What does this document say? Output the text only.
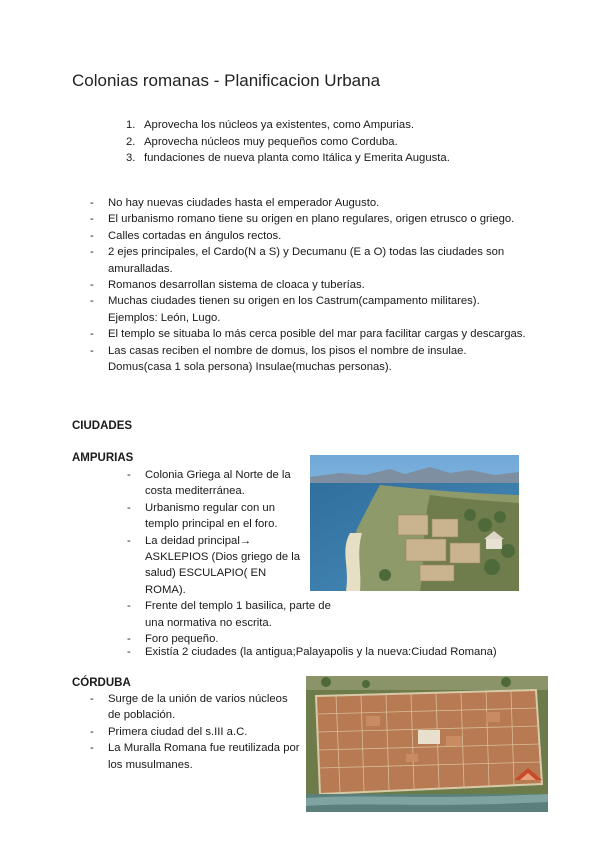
Colonias romanas - Planificacion Urbana
1. Aprovecha los núcleos ya existentes, como Ampurias.
2. Aprovecha núcleos muy pequeños como Corduba.
3. fundaciones de nueva planta como Itálica y Emerita Augusta.
- No hay nuevas ciudades hasta el emperador Augusto.
- El urbanismo romano tiene su origen en plano regulares, origen etrusco o griego.
- Calles cortadas en ángulos rectos.
- 2 ejes principales, el Cardo(N a S) y Decumanu (E a O) todas las ciudades son amuralladas.
- Romanos desarrollan sistema de cloaca y tuberías.
- Muchas ciudades tienen su origen en los Castrum(campamento militares). Ejemplos: León, Lugo.
- El templo se situaba lo más cerca posible del mar para facilitar cargas y descargas.
- Las casas reciben el nombre de domus, los pisos el nombre de insulae. Domus(casa 1 sola persona) Insulae(muchas personas).
CIUDADES
AMPURIAS
- Colonia Griega al Norte de la costa mediterránea.
- Urbanismo regular con un templo principal en el foro.
- La deidad principal→ ASKLEPIOS (Dios griego de la salud) ESCULAPIO( EN ROMA).
- Frente del templo 1 basilica, parte de una normativa no escrita.
- Foro pequeño.
- Existía 2 ciudades (la antigua;Palayapolis y la nueva:Ciudad Romana)
CÓRDUBA
- Surge de la unión de varios núcleos de población.
- Primera ciudad del s.III a.C.
- La Muralla Romana fue reutilizada por los musulmanes.
